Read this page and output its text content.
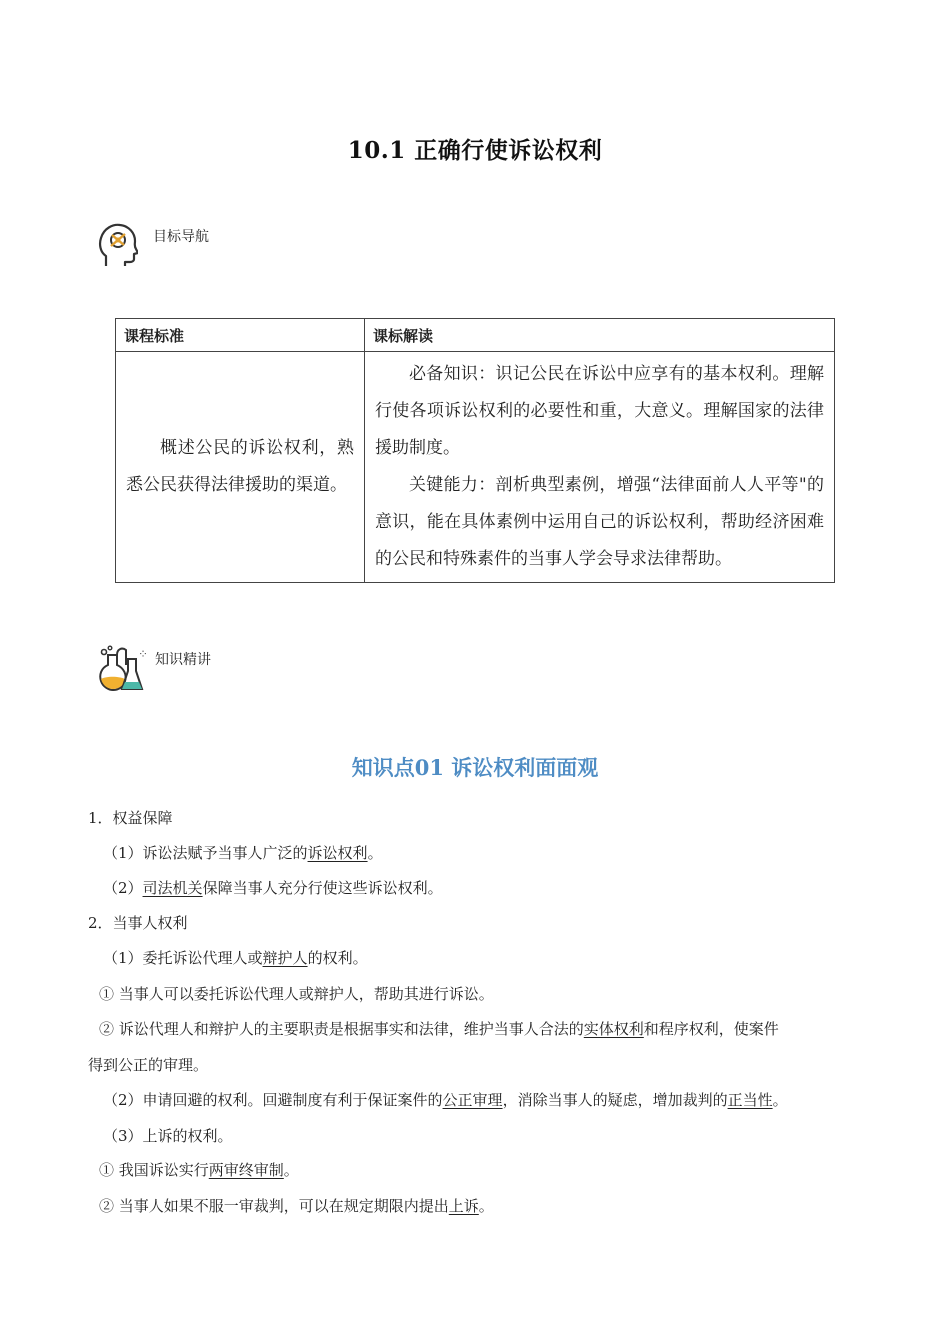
10.1 正确行使诉讼权利
目标导航
课程标准	课标解读

概述公民的诉讼权利，熟悉公民获得法律援助的渠道。	必备知识：识记公民在诉讼中应享有的基本权利。理解行使各项诉讼权利的必要性和重，大意义。理解国家的法律援助制度。

关键能力：剖析典型素例，增强“法律面前人人平等"的意识，能在具体素例中运用自己的诉讼权利，帮助经济困难的公民和特殊素件的当事人学会导求法律帮助。

⁘ 知识精讲
知识点01 诉讼权利面面观
1．权益保障
（1）诉讼法赋予当事人广泛的诉讼权利。
（2）司法机关保障当事人充分行使这些诉讼权利。
2．当事人权利
（1）委托诉讼代理人或辩护人的权利。
① 当事人可以委托诉讼代理人或辩护人，帮助其进行诉讼。
② 诉讼代理人和辩护人的主要职责是根据事实和法律，维护当事人合法的实体权利和程序权利，使案件
得到公正的审理。
（2）申请回避的权利。回避制度有利于保证案件的公正审理，消除当事人的疑虑，增加裁判的正当性。
（3）上诉的权利。
① 我国诉讼实行两审终审制。
② 当事人如果不服一审裁判，可以在规定期限内提出上诉。
